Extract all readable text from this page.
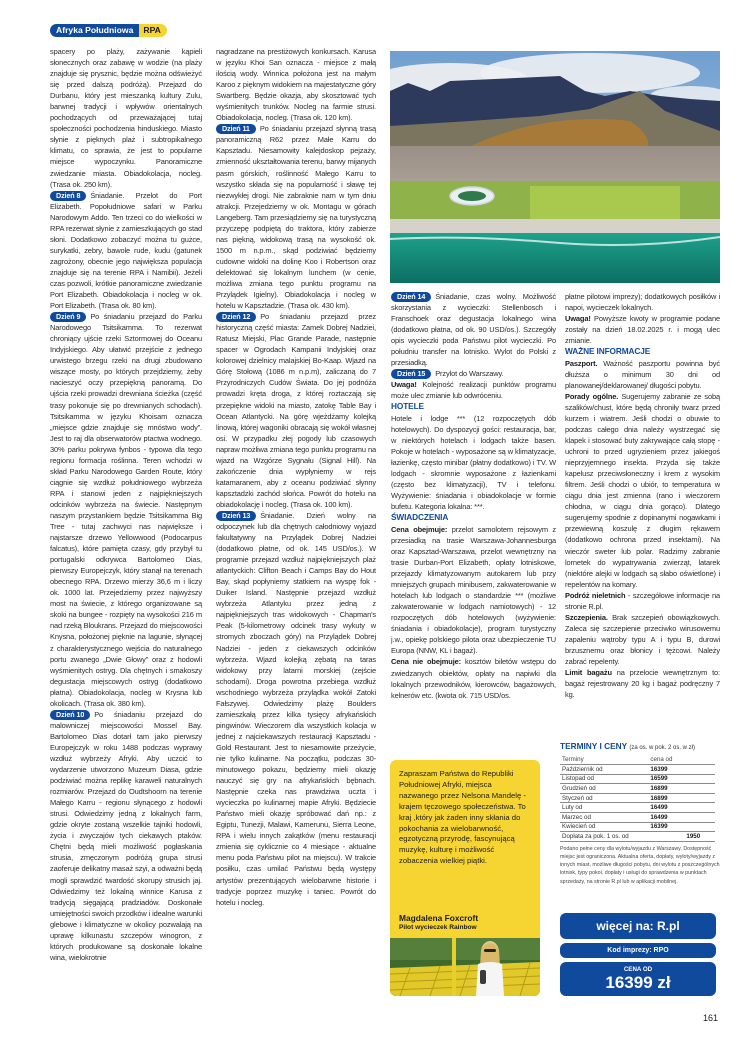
Afryka Południowa	RPA

spacery po plaży, zażywanie kąpieli słonecznych oraz zabawę w wodzie (na plaży znajduje się prysznic, będzie można odświeżyć się przed dalszą podróżą). Przejazd do Durbanu, który jest mieszanką kultury Zulu, barwnej tradycji i wpływów orientalnych pochodzących od przeważającej tutaj społeczności pochodzenia hinduskiego. Miasto słynie z pięknych plaż i subtropikalnego klimatu, co sprawia, że jest to popularne miejsce wypoczynku. Panoramiczne zwiedzanie miasta. Obiadokolacja, nocleg. (Trasa ok. 250 km).

Dzień 8 Śniadanie. Przelot do Port Elizabeth. Popołudniowe safari w Parku Narodowym Addo. Ten trzeci co do wielkości w RPA rezerwat słynie z zamieszkujących go stad słoni. Dodatkowo zobaczyć można tu gużce, surykatki, zebry, bawole rude, kudu (gatunek zagrożony, obecnie jego największa populacja znajduje się na terenie RPA i Namibii). Jeżeli czas pozwoli, krótkie panoramiczne zwiedzanie Port Elizabeth. Obiadokolacja i nocleg w ok. Port Elizabeth. (Trasa ok. 80 km).

Dzień 9 Po śniadaniu przejazd do Parku Narodowego Tsitsikamma. To rezerwat chroniący ujście rzeki Sztormowej do Oceanu Indyjskiego. Aby ułatwić przejście z jednego urwistego brzegu rzeki na drugi zbudowano wiszące mosty, po których przejdziemy, żeby nacieszyć oczy przepiękną panoramą. Do ujścia rzeki prowadzi drewniana ścieżka (część trasy pokonuje się po drewnianych schodach). Tsitsikamma w języku Khoisam oznacza „miejsce gdzie znajduje się mnóstwo wody”. Jest to raj dla obserwatorów ptactwa wodnego. 30% parku pokrywa fynbos - typowa dla tego regionu formacja roślinna. Teren wchodzi w skład Parku Narodowego Garden Route, który ciągnie się wzdłuż południowego wybrzeża RPA i stanowi jeden z najpiękniejszych odcinków wybrzeża na świecie. Następnym naszym przystankiem będzie Tsitsikamma Big Tree - tutaj zachwyci nas największe i najstarsze drzewo Yellowwood (Podocarpus falcatus), które pamięta czasy, gdy przybył tu portugalski odkrywca Bartolomeo Dias, pierwszy Europejczyk, który stanął na terenach obecnego RPA. Drzewo mierzy 36,6 m i liczy ok. 1000 lat. Przejedziemy przez najwyższy most na świecie, z którego organizowane są skoki na bungee - rozpięty na wysokości 216 m nad rzeką Bloukrans. Przejazd do miejscowości Knysna, położonej pięknie na lagunie, słynącej z charakterystycznego wejścia do naturalnego portu zwanego „Dwie Głowy” oraz z hodowli wyśmienitych ostryg. Dla chętnych i smakoszy degustacja miejscowych ostryg (dodatkowo płatna). Obiadokolacja, nocleg w Krysna lub okolicach. (Trasa ok. 380 km).

Dzień 10 Po śniadaniu przejazd do malowniczej miejscowości Mossel Bay. Bartolomeo Dias dotarł tam jako pierwszy Europejczyk w roku 1488 podczas wyprawy wzdłuż wybrzeży Afryki. Aby uczcić to wydarzenie utworzono Muzeum Diasa, gdzie podziwiać można replikę karaweli naturalnych rozmiarów. Przejazd do Oudtshoorn na terenie Małego Karru - regionu słynącego z hodowli strusi. Odwiedzimy jedną z lokalnych farm, gdzie okryte zostaną wszelkie tajniki hodowli, życia i zwyczajów tych ciekawych ptaków. Chętni będą mieli możliwość pogłaskania strusia, zmęczonym podróżą grupa strusi zaoferuje delikatny masaż szyi, a odważni będą mogli sprawdzić twardość skorupy strusich jaj. Odwiedzimy też lokalną winnice Karusa z tradycją sięgającą pradziadów. Doskonałe umiejętności swoich przodków i idealne warunki glebowe i klimatyczne w okolicy pozwalają na uprawę kilkunastu szczepów winogron, z których produkowane są doskonałe lokalne wina, wielokrotnie

nagradzane na prestiżowych konkursach. Karusa w języku Khoi San oznacza - miejsce z małą ilością wody. Winnica położona jest na małym Karoo z pięknym widokiem na majestatyczne góry Swartberg. Będzie okazja, aby skosztować tych wyśmienitych trunków. Nocleg na farmie strusi. Obiadokolacja, nocleg. (Trasa ok. 120 km).

Dzień 11 Po śniadaniu przejazd słynną trasą panoramiczną R62 przez Małe Karru do Kapsztadu. Niesamowity kalejdoskop pejzaży, zmienność ukształtowania terenu, barwy mijanych pasm górskich, roślinność Małego Karru to wszystko składa się na popularność i sławę tej niezwykłej drogi. Nie zabraknie nam w tym dniu atrakcji. Przejedziemy w ok. Montagu w górach Langeberg. Tam przesiądziemy się na turystyczną przyczepę podpiętą do traktora, który zabierze nas piękną, widokową trasą na wysokość ok. 1500 m n.p.m., skąd podziwiać będziemy cudowne widoki na dolinę Koo i Robertson oraz delektować się lokalnym lunchem (w cenie, możliwa zmiana tego punktu programu na Przylądek Igielny). Obiadokolacja i nocleg w hotelu w Kapsztadzie. (Trasa ok. 430 km).

Dzień 12 Po śniadaniu przejazd przez historyczną część miasta: Zamek Dobrej Nadziei, Ratusz Miejski, Plac Grande Parade, następnie spacer w Ogrodach Kampanii Indyjskiej oraz kolorowej dzielnicy malajskiej Bo-Kaap. Wjazd na Górę Stołową (1086 m n.p.m), zaliczaną do 7 Przyrodniczych Cudów Świata. Do jej podnóża prowadzi kręta droga, z której roztaczają się przepiękne widoki na miasto, zatokę Table Bay i Ocean Atlantycki. Na górę wjeżdżamy kolejką linową, której wagoniki obracają się wokół własnej osi. W przypadku złej pogody lub czasowych napraw możliwa zmiana tego punktu programu na wjazd na Wzgórze Sygnału (Signal Hill). Na zakończenie dnia wypłyniemy w rejs katamaranem, aby z oceanu podziwiać słynny kapsztadzki zachód słońca. Powrót do hotelu na obiadokolację i nocleg. (Trasa ok. 100 km).

Dzień 13 Śniadanie. Dzień wolny na odpoczynek lub dla chętnych całodniowy wyjazd fakultatywny na Przylądek Dobrej Nadziei (dodatkowo płatne, od ok. 145 USD/os.). W programie przejazd wzdłuż najpiękniejszych plaż atlantyckich: Clifton Beach i Camps Bay do Hout Bay, skąd popłyniemy statkiem na wyspę fok - Duiker Island. Następnie przejazd wzdłuż wybrzeża Atlantyku przez jedną z najpiękniejszych tras widokowych - Chapman's Peak (5-kilometrowy odcinek trasy wykuty w stromych zboczach góry) na Przylądek Dobrej Nadziei - jeden z ciekawszych odcinków wybrzeża. Wjazd kolejką zębatą na taras widokowy przy latarni morskiej (zejście schodami). Droga powrotna przebiega wzdłuż wschodniego wybrzeża przylądka wokół Zatoki Fałszywej. Odwiedzimy plażę Boulders zamieszkałą przez kilka tysięcy afrykańskich pingwinów. Wieczorem dla wszystkich kolacja w jednej z najciekawszych restauracji Kapsztadu - Gold Restaurant. Jest to niesamowite przeżycie, nie tylko kulinarne. Na początku, podczas 30-minutowego pokazu, będziemy mieli okazję nauczyć się gry na afrykańskich bębnach. Następnie czeka nas prawdziwa uczta i wycieczka po kulinarnej mapie Afryki. Będziecie Państwo mieli okazję spróbować dań np.: z Egiptu, Tunezji, Malawi, Kamerunu, Sierra Leone, RPA i wielu innych zakątków (menu restauracji zmienia się cyklicznie co 4 miesiące - aktualne menu poda Państwu pilot na miejscu). W trakcie posiłku, czas umilać Państwu będą występy artystów prezentujących wielobarwne historie i tradycje poprzez muzykę i taniec. Powrót do hotelu i nocleg.

Dzień 14 Śniadanie, czas wolny. Możliwość skorzystania z wycieczki: Stellenbosch i Franschoek oraz degustacja lokalnego wina (dodatkowo płatna, od ok. 90 USD/os.). Szczegóły opis wycieczki poda Państwu pilot wycieczki. Po południu transfer na lotnisko. Wylot do Polski z przesiadką.

Dzień 15 Przylot do Warszawy.

Uwaga! Kolejność realizacji punktów programu może ulec zmianie lub odwróceniu.

HOTELE

Hotele i lodge *** (12 rozpoczętych dób hotelowych). Do dyspozycji gości: restauracja, bar, w niektórych hotelach i lodgach także basen. Pokoje w hotelach - wyposażone są w klimatyzacje, łazienkę, często minibar (płatny dodatkowo) i TV. W lodgach - skromnie wyposażone z łazienkami (często bez klimatyzacji), TV i telefonu. Wyżywienie: śniadania i obiadokolacje w formie bufetu. Kategoria lokalna: ***.

ŚWIADCZENIA

Cena obejmuje: przelot samolotem rejsowym z przesiadką na trasie Warszawa-Johannesburga oraz Kapsztad-Warszawa, przelot wewnętrzny na trasie Durban-Port Elizabeth, opłaty lotniskowe, przejazdy klimatyzowanym autokarem lub przy mniejszych grupach minibusem, zakwaterowanie w hotelach lub lodgach o standardzie *** (możliwe zakwaterowanie w lodgach namiotowych) - 12 rozpoczętych dób hotelowych (wyżywienie: śniadania i obiadokolacje), program turystyczny j.w., opiekę polskiego pilota oraz ubezpieczenie TU Europa (NNW, KL i bagaż).

Cena nie obejmuje: kosztów biletów wstępu do zwiedzanych obiektów, opłaty na napiwki dla lokalnych przewodników, kierowców, bagażowych, kelnerów etc. (kwota ok. 715 USD/os.

płatne pilotowi imprezy); dodatkowych posiłków i napoi, wycieczek lokalnych.

Uwaga! Powyższe kwoty w programie podane zostały na dzień 18.02.2025 r. i mogą ulec zmianie.

WAŻNE INFORMACJE

Paszport. Ważność paszportu powinna być dłuższa o minimum 30 dni od planowanej/deklarowanej/ długości pobytu.

Porady ogólne. Sugerujemy zabranie ze sobą szalików/chust, które będą chroniły twarz przed kurzem i wiatrem. Jeśli chodzi o obuwie to podczas całego dnia należy wystrzegać się klapek i stosować buty zakrywające całą stopę - uchroni to przed ugryzieniem przez jakiegoś nieprzyjemnego insekta. Przyda się także kapelusz przeciwsłoneczny i krem z wysokim filtrem. Jeśli chodzi o ubiór, to temperatura w ciągu dnia jest zmienna (rano i wieczorem chłodna, w ciągu dnia gorąco). Dlatego sugerujemy spodnie z dopinanymi nogawkami i przewiewną koszulę z długim rękawem (dodatkowo ochrona przed insektami). Na wieczór sweter lub polar. Radzimy zabranie lornetek do wypatrywania zwierząt, latarek (niektóre alejki w lodgach są słabo oświetlone) i repelentów na komary.

Podróż nieletnich - szczegółowe informacje na stronie R.pl.

Szczepienia. Brak szczepień obowiązkowych. Zaleca się szczepienie przeciwko wirusowemu zapaleniu wątroby typu A i typu B, durowi brzusznemu oraz błonicy i tężcowi. Należy zabrać repelenty.

Limit bagażu na przelocie wewnętrznym to: bagaż rejestrowany 20 kg i bagaż podręczny 7 kg.

Zapraszam Państwa do Republiki Południowej Afryki, miejsca nazwanego przez Nelsona Mandelę - krajem tęczowego społeczeństwa. To kraj ,który jak żaden inny skłania do pokochania za wielobarwność, egzotyczną przyrodę, fascynującą muzykę, kulturę i możliwość zobaczenia wielkiej piątki.
Magdalena Foxcroft
Pilot wycieczek Rainbow
TERMINY I CENY (za os. w pok. 2 os. w zł)
Terminy	cena od
Październik od	16399
Listopad od	16599
Grudzień od	16899
Styczeń od	16899
Luty od	16499
Marzec od	16499
Kwiecień od	16399
Dopłata za pok. 1 os. od	1950
Podano pełne ceny dla wylotu/wyjazdu z Warszawy. Dostępność miejsc jest ograniczona. Aktualna oferta, dopłaty, wyloty/wyjazdy z innych miast, możliwe długości pobytu, dni wylotu z poszczególnych lotnisk, typy pokoi, dopłaty i usługi do sprawdzenia w punktach sprzedaży, na stronie R.pl lub w aplikacji mobilnej.
więcej na: R.pl
Kod imprezy: RPO
CENA OD
16399 zł
161
